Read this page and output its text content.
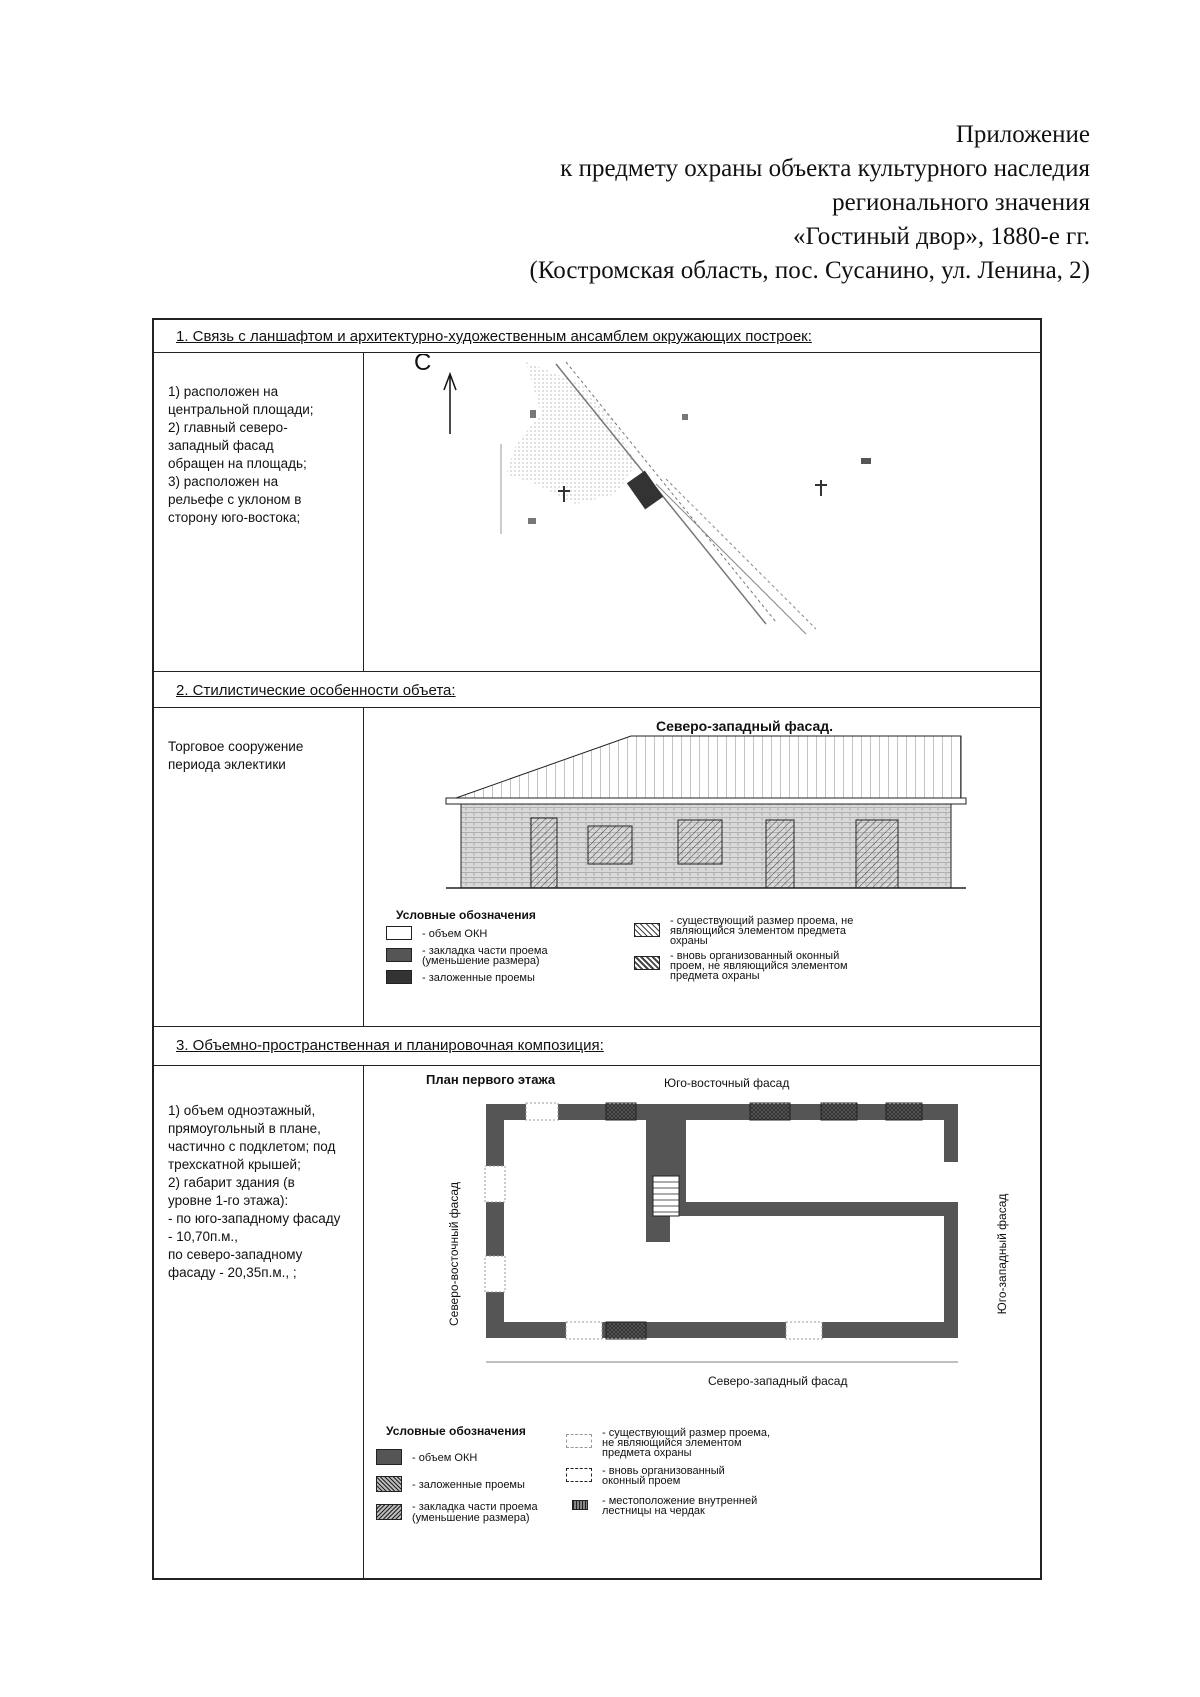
Приложение
к предмету охраны объекта культурного наследия
регионального значения
«Гостиный двор», 1880-е гг.
(Костромская область, пос. Сусанино, ул. Ленина, 2)
1. Связь с ланшафтом и архитектурно-художественным ансамблем окружающих построек:
1) расположен на
центральной площади;
2) главный северо-
западный фасад
обращен на площадь;
3) расположен на
рельефе с уклоном в
сторону юго-востока;
С
2. Стилистические особенности объета:
Торговое сооружение
периода эклектики
Северо-западный фасад.
Условные обозначения
- объем ОКН
- закладка части проема
(уменьшение размера)
- заложенные проемы
- существующий размер проема, не
являющийся элементом предмета
охраны
- вновь организованный оконный
проем, не являющийся элементом
предмета охраны
3. Объемно-пространственная и планировочная композиция:
1) объем одноэтажный,
прямоугольный в плане,
частично с подклетом; под
трехскатной крышей;
2) габарит здания (в
уровне 1-го этажа):
- по юго-западному фасаду
- 10,70п.м.,
по северо-западному
фасаду - 20,35п.м., ;
План первого этажа	Юго-восточный фасад
Северо-западный фасад
Северо-восточный фасад	Юго-западный фасад
Условные обозначения
- объем ОКН
- заложенные проемы
- закладка части проема
(уменьшение размера)
- существующий размер проема,
не являющийся элементом
предмета охраны
- вновь организованный
оконный проем
- местоположение внутренней
лестницы на чердак
